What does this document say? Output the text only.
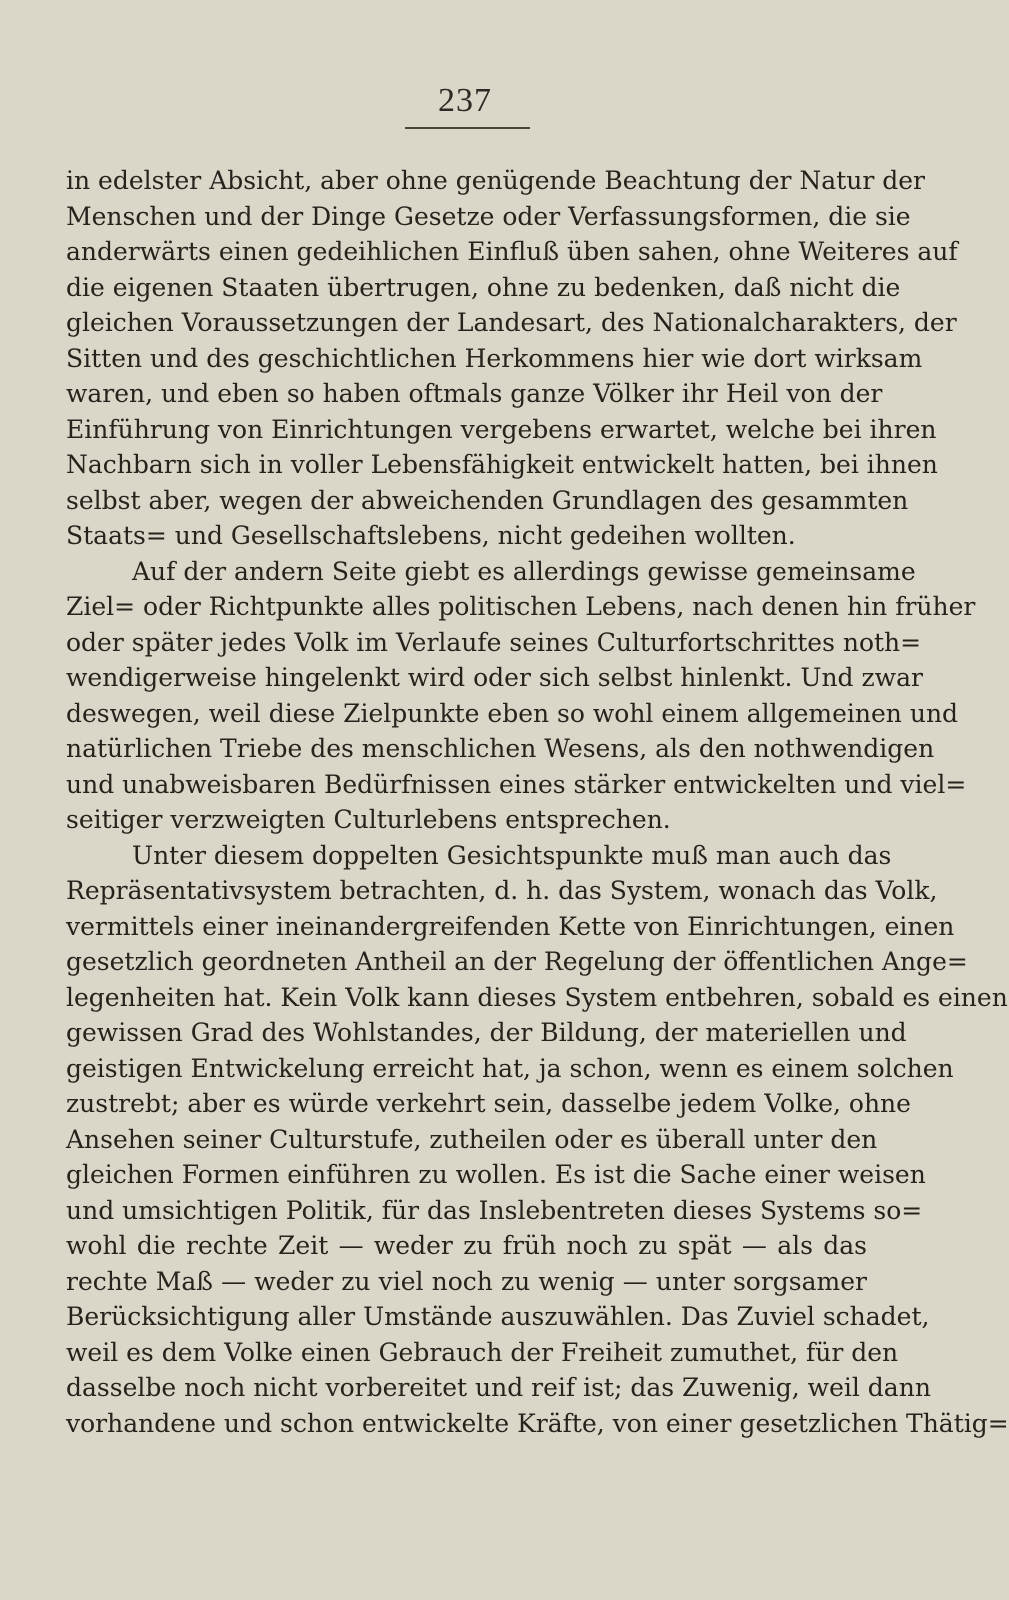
237
in edelster Absicht, aber ohne genügende Beachtung der Natur der
Menschen und der Dinge Gesetze oder Verfassungsformen, die sie
anderwärts einen gedeihlichen Einfluß üben sahen, ohne Weiteres auf
die eigenen Staaten übertrugen, ohne zu bedenken, daß nicht die
gleichen Voraussetzungen der Landesart, des Nationalcharakters, der
Sitten und des geschichtlichen Herkommens hier wie dort wirksam
waren, und eben so haben oftmals ganze Völker ihr Heil von der
Einführung von Einrichtungen vergebens erwartet, welche bei ihren
Nachbarn sich in voller Lebensfähigkeit entwickelt hatten, bei ihnen
selbst aber, wegen der abweichenden Grundlagen des gesammten
Staats= und Gesellschaftslebens, nicht gedeihen wollten.
Auf der andern Seite giebt es allerdings gewisse gemeinsame
Ziel= oder Richtpunkte alles politischen Lebens, nach denen hin früher
oder später jedes Volk im Verlaufe seines Culturfortschrittes noth=
wendigerweise hingelenkt wird oder sich selbst hinlenkt. Und zwar
deswegen, weil diese Zielpunkte eben so wohl einem allgemeinen und
natürlichen Triebe des menschlichen Wesens, als den nothwendigen
und unabweisbaren Bedürfnissen eines stärker entwickelten und viel=
seitiger verzweigten Culturlebens entsprechen.
Unter diesem doppelten Gesichtspunkte muß man auch das
Repräsentativsystem betrachten, d. h. das System, wonach das Volk,
vermittels einer ineinandergreifenden Kette von Einrichtungen, einen
gesetzlich geordneten Antheil an der Regelung der öffentlichen Ange=
legenheiten hat. Kein Volk kann dieses System entbehren, sobald es einen
gewissen Grad des Wohlstandes, der Bildung, der materiellen und
geistigen Entwickelung erreicht hat, ja schon, wenn es einem solchen
zustrebt; aber es würde verkehrt sein, dasselbe jedem Volke, ohne
Ansehen seiner Culturstufe, zutheilen oder es überall unter den
gleichen Formen einführen zu wollen. Es ist die Sache einer weisen
und umsichtigen Politik, für das Inslebentreten dieses Systems so=
wohl die rechte Zeit — weder zu früh noch zu spät — als das
rechte Maß — weder zu viel noch zu wenig — unter sorgsamer
Berücksichtigung aller Umstände auszuwählen. Das Zuviel schadet,
weil es dem Volke einen Gebrauch der Freiheit zumuthet, für den
dasselbe noch nicht vorbereitet und reif ist; das Zuwenig, weil dann
vorhandene und schon entwickelte Kräfte, von einer gesetzlichen Thätig=
